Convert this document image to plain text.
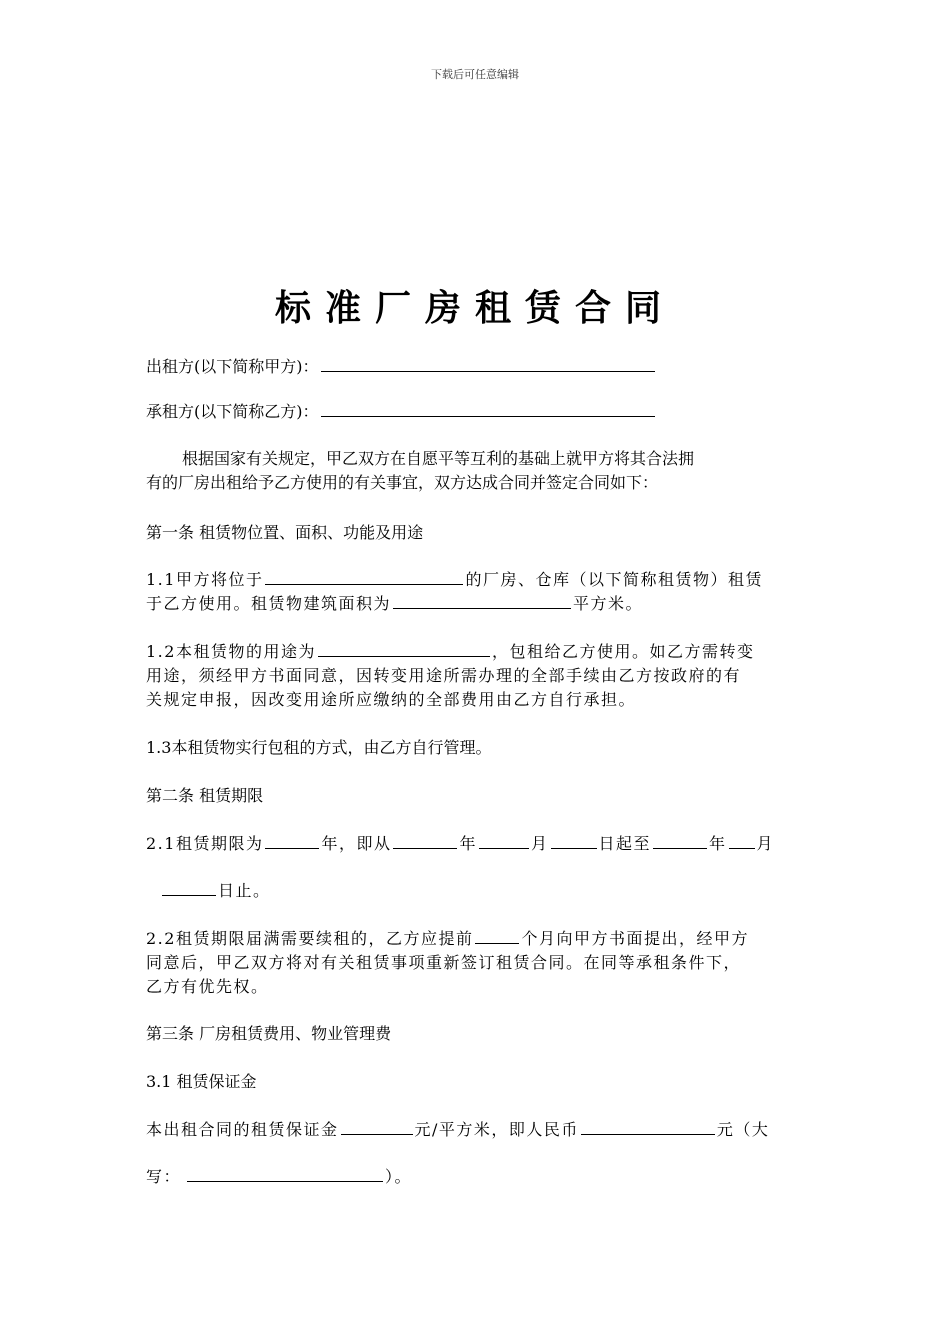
下载后可任意编辑
标准厂房租赁合同
出租方(以下简称甲方)：
承租方(以下简称乙方)：
根据国家有关规定，甲乙双方在自愿平等互利的基础上就甲方将其合法拥
有的厂房出租给予乙方使用的有关事宜，双方达成合同并签定合同如下：
第一条 租赁物位置、面积、功能及用途
1.1甲方将位于	的厂房、仓库（以下简称租赁物）租赁
于乙方使用。租赁物建筑面积为	平方米。
1.2本租赁物的用途为	，包租给乙方使用。如乙方需转变
用途，须经甲方书面同意，因转变用途所需办理的全部手续由乙方按政府的有
关规定申报，因改变用途所应缴纳的全部费用由乙方自行承担。
1.3本租赁物实行包租的方式，由乙方自行管理。
第二条 租赁期限
2.1租赁期限为	年，即从	年	月	日起至	年 月
日止。
2.2租赁期限届满需要续租的，乙方应提前	个月向甲方书面提出，经甲方
同意后，甲乙双方将对有关租赁事项重新签订租赁合同。在同等承租条件下，
乙方有优先权。
第三条 厂房租赁费用、物业管理费
3.1 租赁保证金
本出租合同的租赁保证金	元/平方米，即人民币	元（大
写：	）。
